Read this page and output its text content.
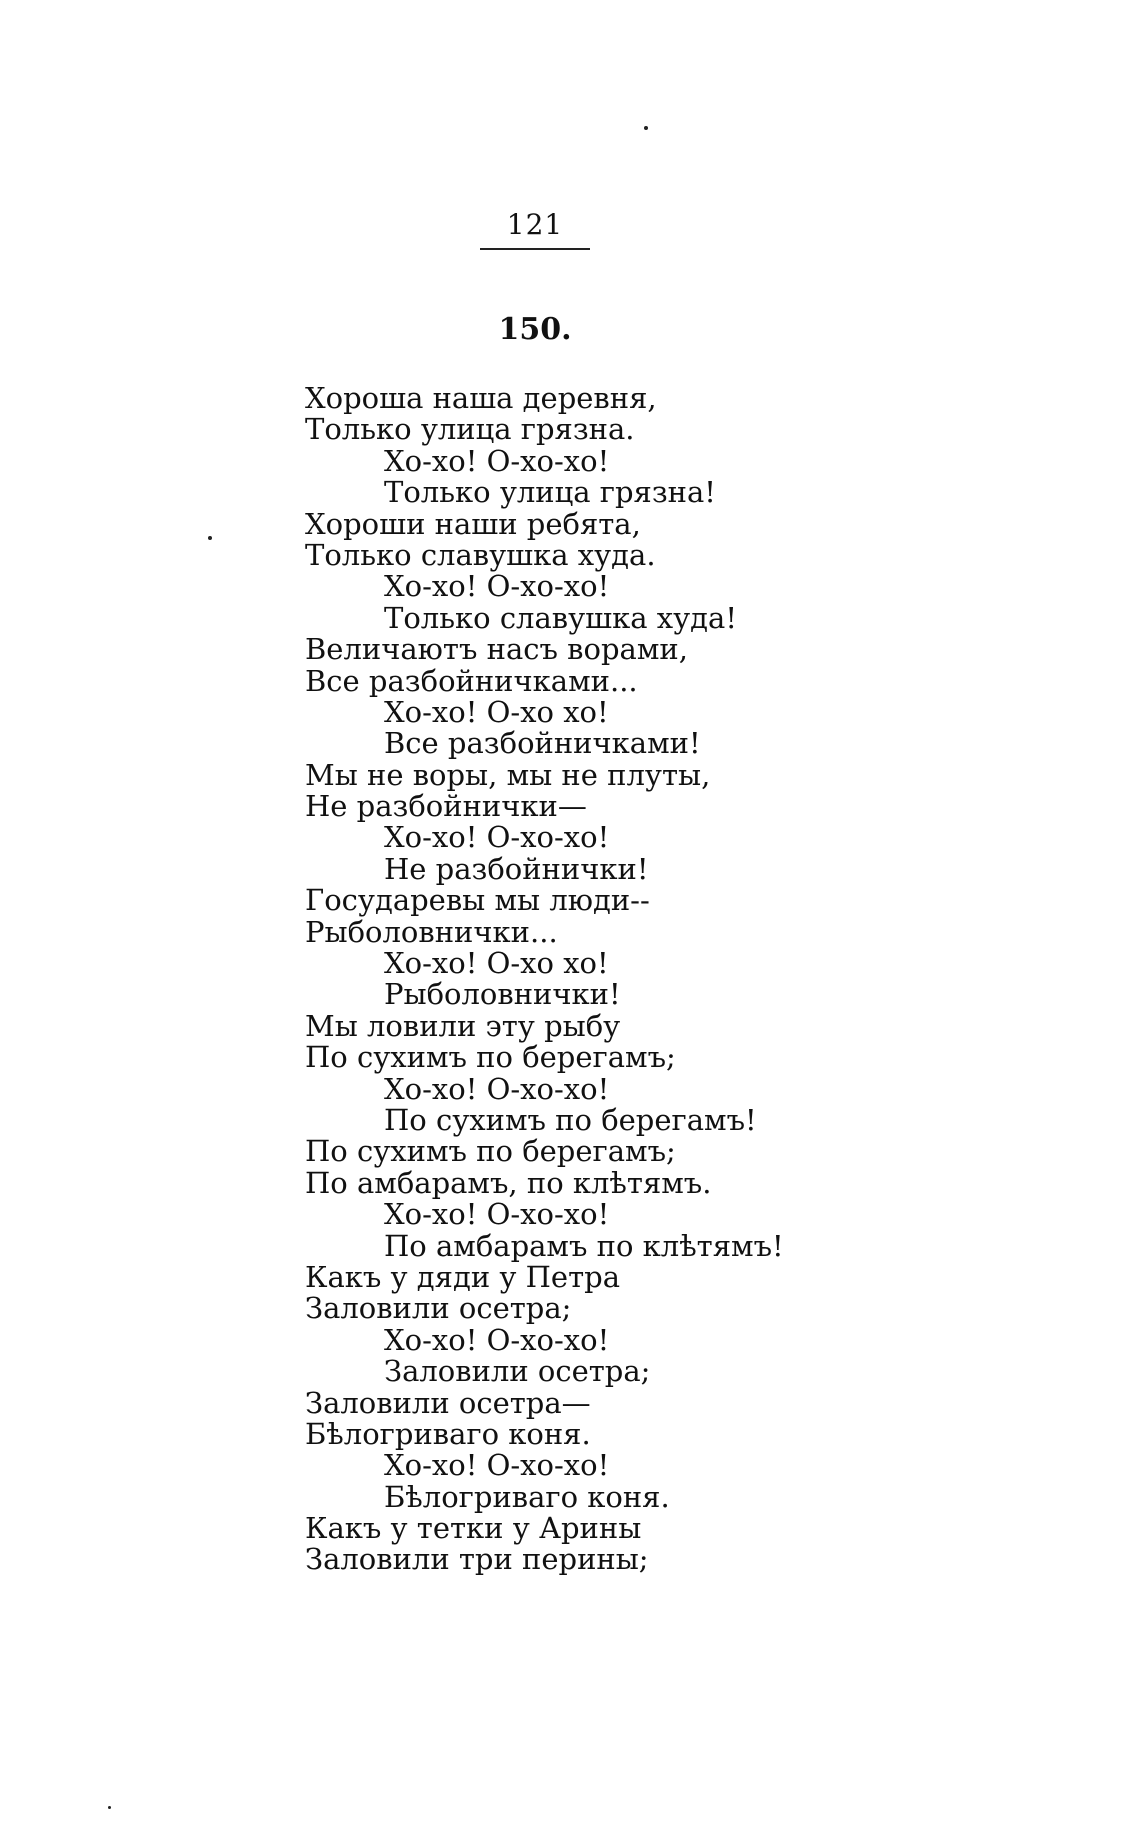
121
150.
Хороша наша деревня,
Только улица грязна.
Хо-хо! О-хо-хо!
Только улица грязна!
Хороши наши ребята,
Только славушка худа.
Хо-хо! О-хо-хо!
Только славушка худа!
Величаютъ насъ ворами,
Все разбойничками...
Хо-хо! О-хо хо!
Все разбойничками!
Мы не воры, мы не плуты,
Не разбойнички—
Хо-хо! О-хо-хо!
Не разбойнички!
Государевы мы люди--
Рыболовнички...
Хо-хо! О-хо хо!
Рыболовнички!
Мы ловили эту рыбу
По сухимъ по берегамъ;
Хо-хо! О-хо-хо!
По сухимъ по берегамъ!
По сухимъ по берегамъ;
По амбарамъ, по клѣтямъ.
Хо-хо! О-хо-хо!
По амбарамъ по клѣтямъ!
Какъ у дяди у Петра
Заловили осетра;
Хо-хо! О-хо-хо!
Заловили осетра;
Заловили осетра—
Бѣлогриваго коня.
Хо-хо! О-хо-хо!
Бѣлогриваго коня.
Какъ у тетки у Арины
Заловили три перины;
